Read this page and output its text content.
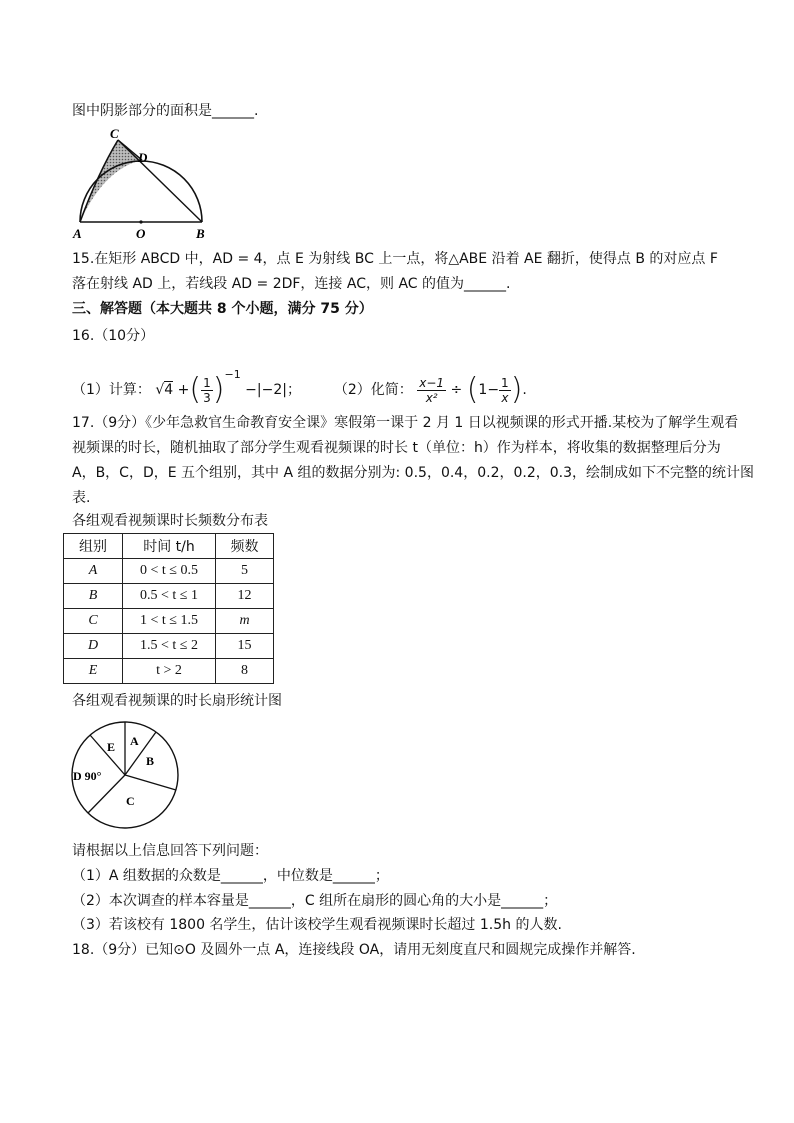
图中阴影部分的面积是______.
C
D
A	O	B
15.在矩形 ABCD 中，AD = 4，点 E 为射线 BC 上一点，将△ABE 沿着 AE 翻折，使得点 B 的对应点 F
落在射线 AD 上，若线段 AD = 2DF，连接 AC，则 AC 的值为______.
三、解答题（本大题共 8 个小题，满分 75 分）
16.（10分）
（1）计算： √4 +( $\frac{1}{3} )^{-1} -|-2|$； （2）化简： $\frac{x-1}{\text{x²}} \div (1- \frac{1}{x}$ ).
17.（9分）《少年急救官生命教育安全课》寒假第一课于 2 月 1 日以视频课的形式开播.某校为了解学生观看
视频课的时长，随机抽取了部分学生观看视频课的时长 t（单位：h）作为样本，将收集的数据整理后分为
A，B，C，D，E 五个组别，其中 A 组的数据分别为: 0.5，0.4，0.2，0.2，0.3，绘制成如下不完整的统计图
表.
各组观看视频课时长频数分布表
组别	时间 t/h	频数
A	0 < t ≤ 0.5	5
B	0.5 < t ≤ 1	12
C	1 < t ≤ 1.5	m
D	1.5 < t ≤ 2	15
E	t > 2	8
各组观看视频课的时长扇形统计图
E A
B
D 90°
C
请根据以上信息回答下列问题：
（1）A 组数据的众数是______，中位数是______；
（2）本次调查的样本容量是______，C 组所在扇形的圆心角的大小是______；
（3）若该校有 1800 名学生，估计该校学生观看视频课时长超过 1.5h 的人数.
18.（9分）已知⊙O 及圆外一点 A，连接线段 OA，请用无刻度直尺和圆规完成操作并解答.
